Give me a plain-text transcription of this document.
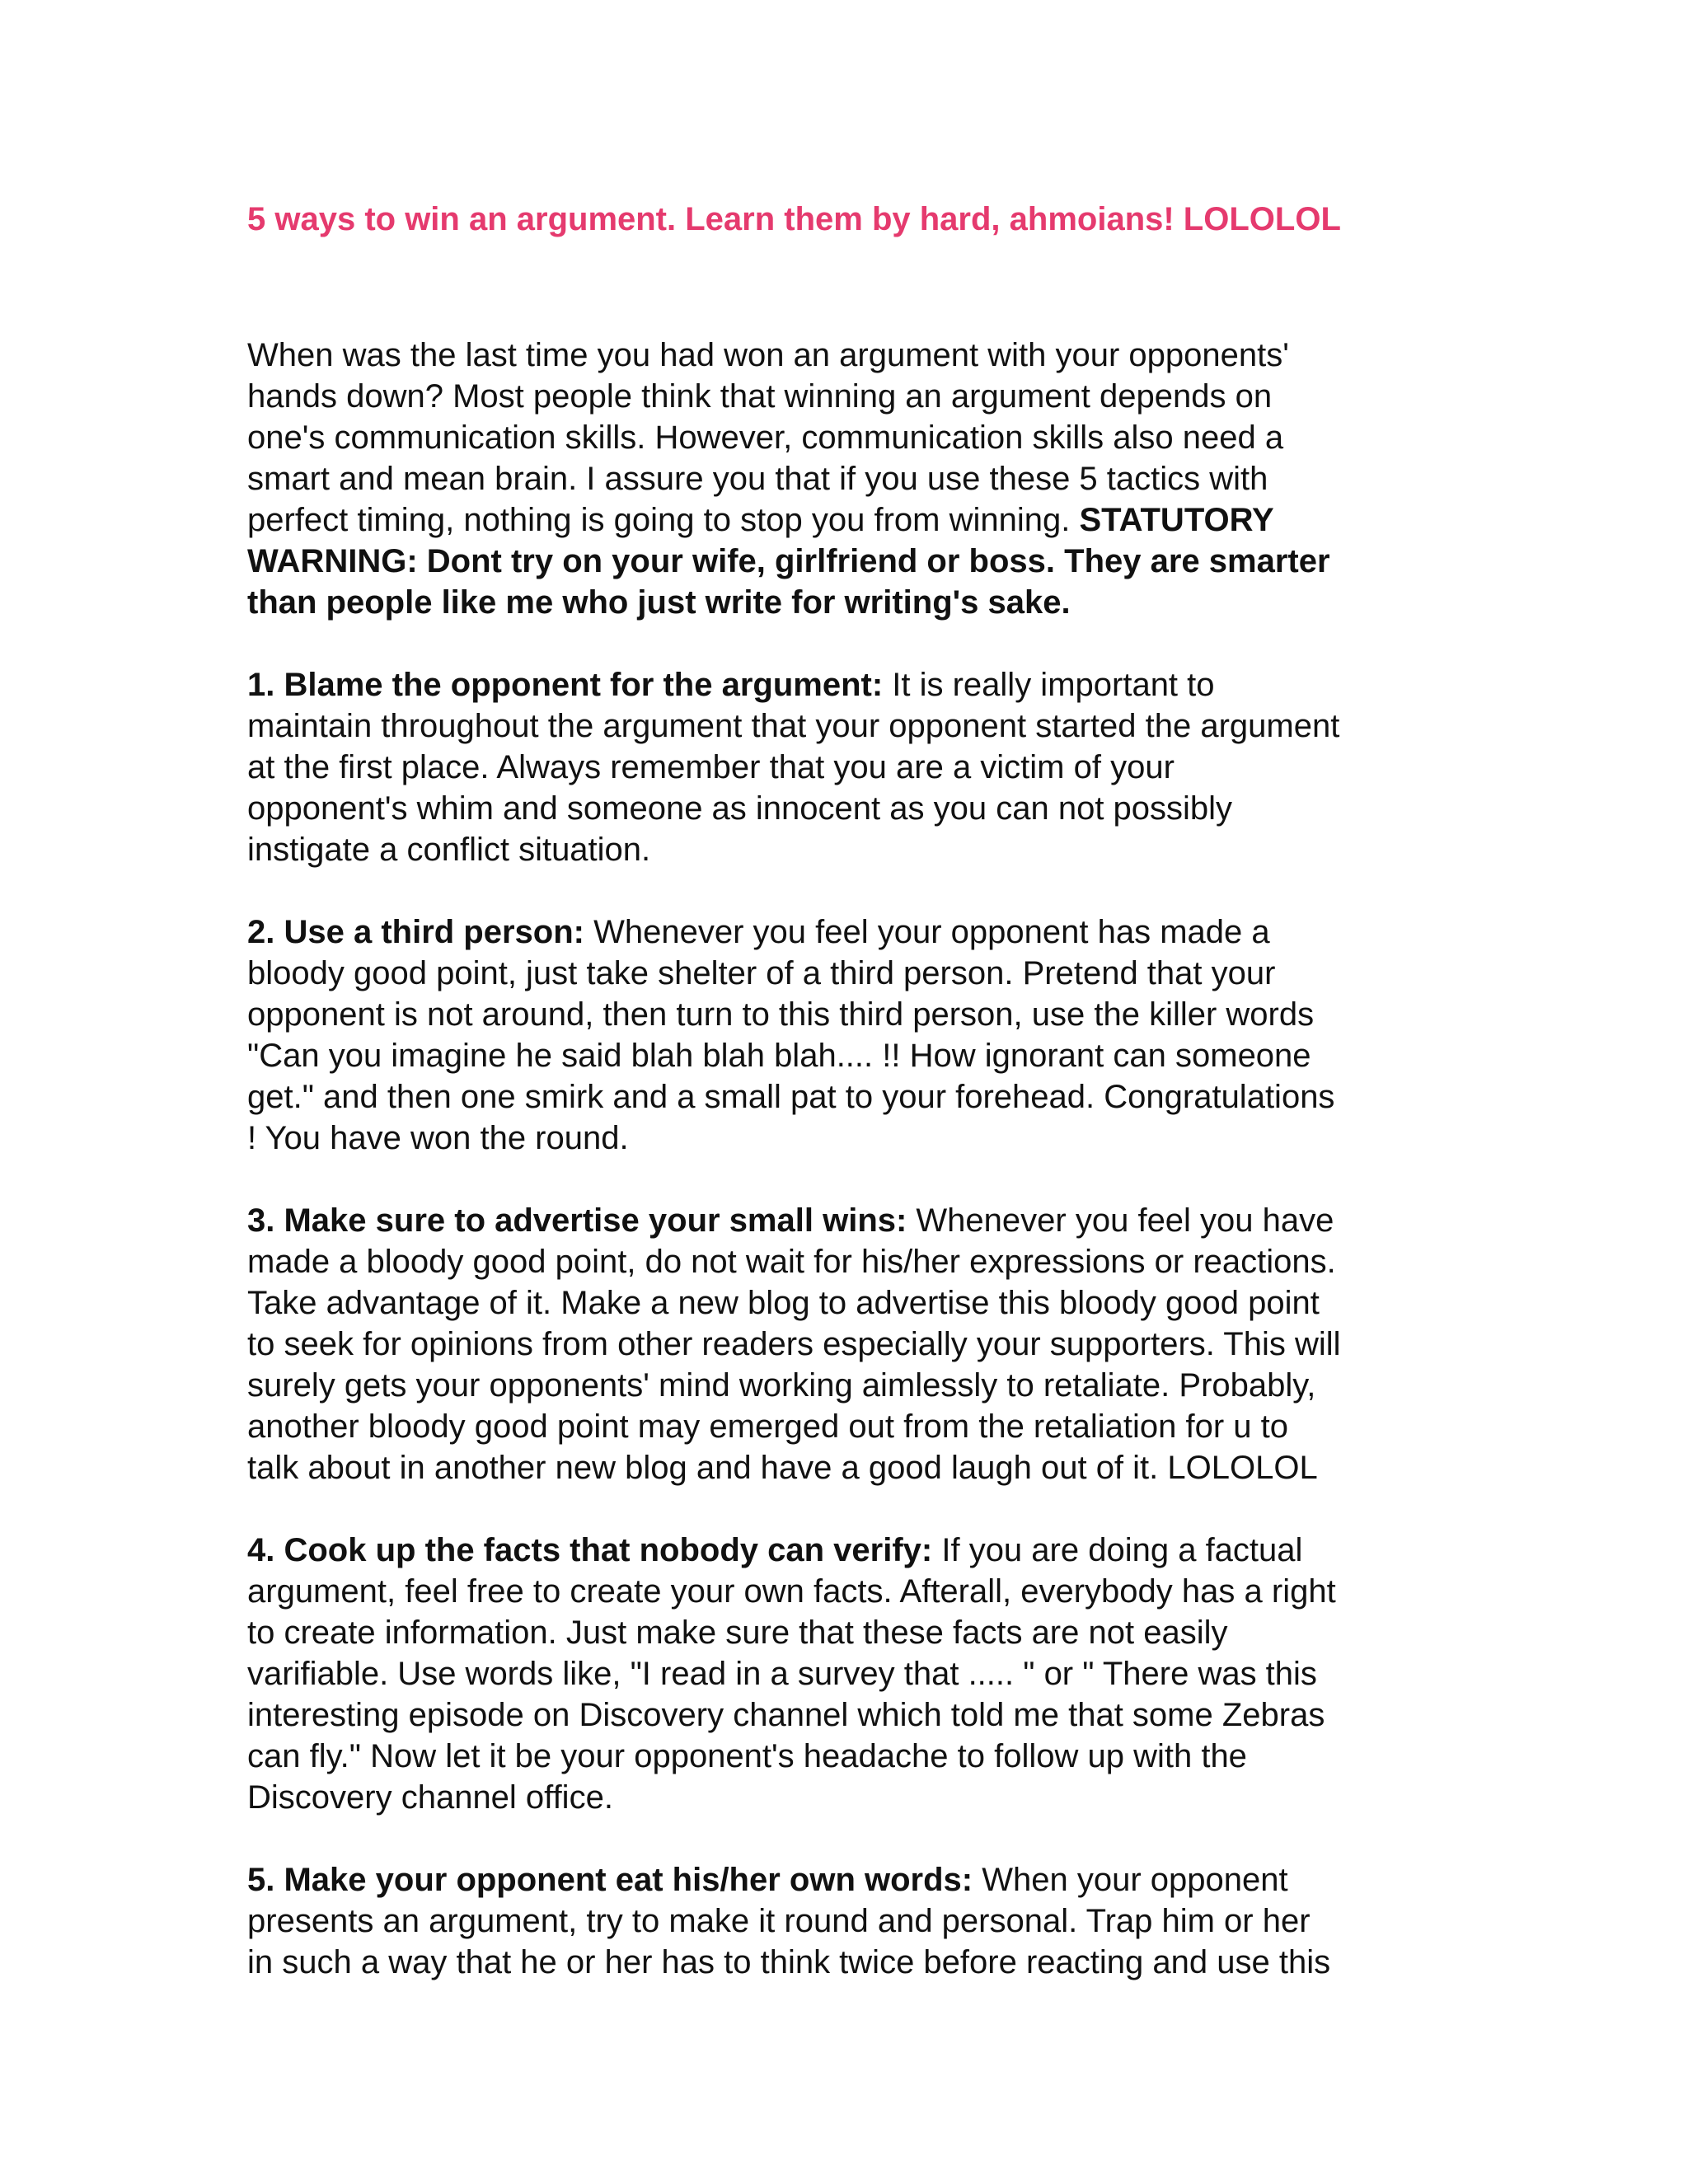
5 ways to win an argument. Learn them by hard, ahmoians! LOLOLOL

When was the last time you had won an argument with your opponents'
hands down? Most people think that winning an argument depends on
one's communication skills. However, communication skills also need a
smart and mean brain. I assure you that if you use these 5 tactics with
perfect timing, nothing is going to stop you from winning. STATUTORY
WARNING: Dont try on your wife, girlfriend or boss. They are smarter
than people like me who just write for writing's sake.

1. Blame the opponent for the argument: It is really important to
maintain throughout the argument that your opponent started the argument
at the first place. Always remember that you are a victim of your
opponent's whim and someone as innocent as you can not possibly
instigate a conflict situation.

2. Use a third person: Whenever you feel your opponent has made a
bloody good point, just take shelter of a third person. Pretend that your
opponent is not around, then turn to this third person, use the killer words
"Can you imagine he said blah blah blah.... !! How ignorant can someone
get." and then one smirk and a small pat to your forehead. Congratulations
! You have won the round.

3. Make sure to advertise your small wins: Whenever you feel you have
made a bloody good point, do not wait for his/her expressions or reactions.
Take advantage of it. Make a new blog to advertise this bloody good point
to seek for opinions from other readers especially your supporters. This will
surely gets your opponents' mind working aimlessly to retaliate. Probably,
another bloody good point may emerged out from the retaliation for u to
talk about in another new blog and have a good laugh out of it. LOLOLOL

4. Cook up the facts that nobody can verify: If you are doing a factual
argument, feel free to create your own facts. Afterall, everybody has a right
to create information. Just make sure that these facts are not easily
varifiable. Use words like, "I read in a survey that ..... " or " There was this
interesting episode on Discovery channel which told me that some Zebras
can fly." Now let it be your opponent's headache to follow up with the
Discovery channel office.

5. Make your opponent eat his/her own words: When your opponent
presents an argument, try to make it round and personal. Trap him or her
in such a way that he or her has to think twice before reacting and use this
